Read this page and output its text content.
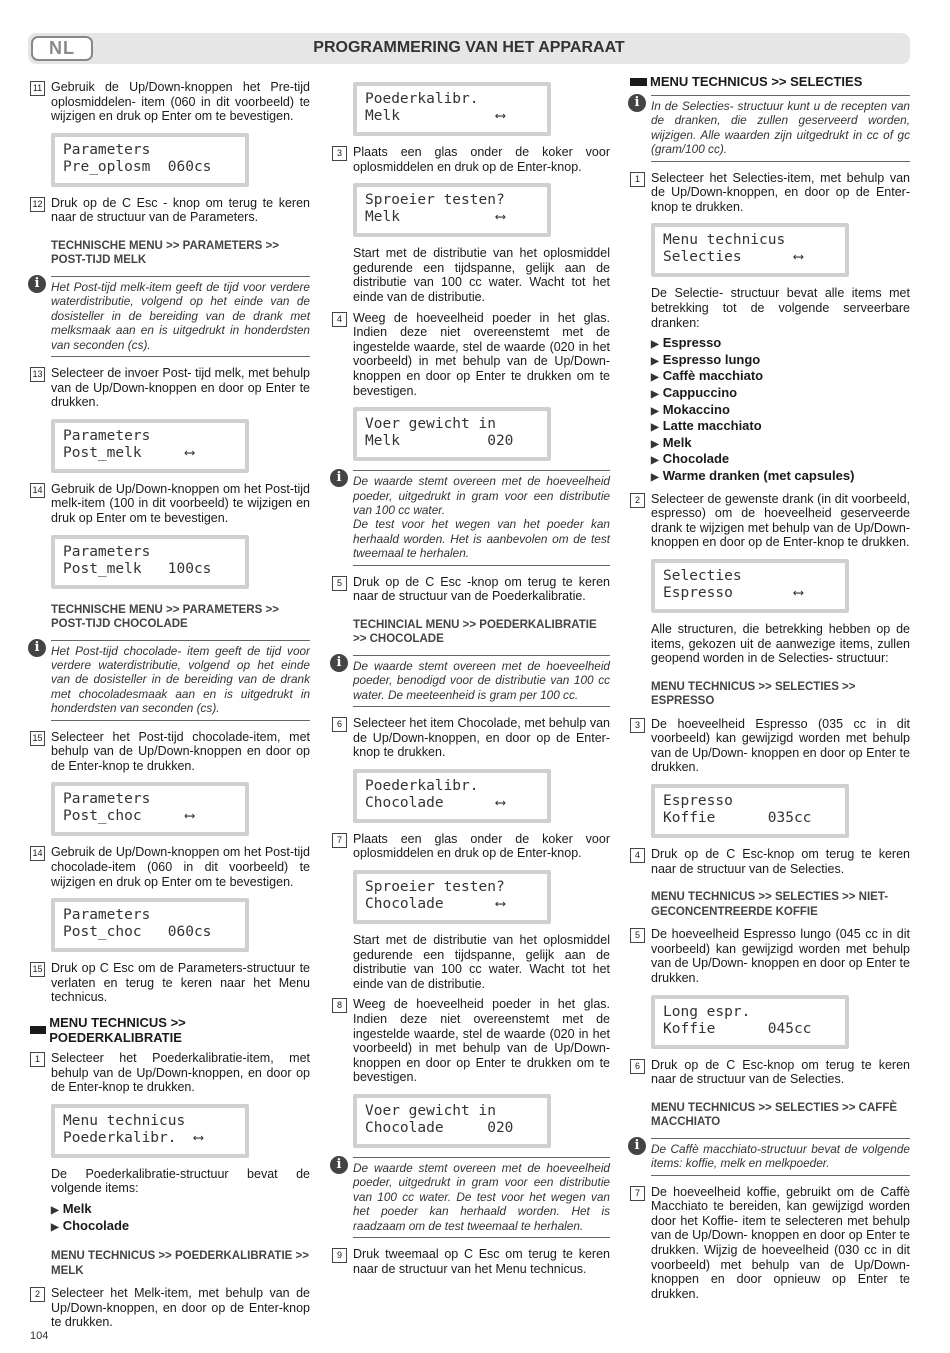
NL	PROGRAMMERING VAN HET APPARAAT
11 Gebruik de Up/Down-knoppen het Pre-tijd oplosmiddelen- item (060 in dit voorbeeld) te wijzigen en druk op Enter om te bevestigen.
Parameters
Pre_oplosm  060cs
12 Druk op de C Esc - knop om terug te keren naar de structuur van de Parameters.
TECHNISCHE MENU >> PARAMETERS >> POST-TIJD MELK
i Het Post-tijd melk-item geeft de tijd voor verdere waterdistributie, volgend op het einde van de dosisteller in de bereiding van de drank met melksmaak aan en is uitgedrukt in honderdsten van seconden (cs).
13 Selecteer de invoer Post- tijd melk, met behulp van de Up/Down-knoppen en door op Enter te drukken.
Parameters
Post_melk     ⟷
14 Gebruik de Up/Down-knoppen om het Post-tijd melk-item (100 in dit voorbeeld) te wijzigen en druk op Enter om te bevestigen.
Parameters
Post_melk   100cs
TECHNISCHE MENU >> PARAMETERS >> POST-TIJD CHOCOLADE
i Het Post-tijd chocolade- item geeft de tijd voor verdere waterdistributie, volgend op het einde van de dosisteller in de bereiding van de drank met chocoladesmaak aan en is uitgedrukt in honderdsten van seconden (cs).
15 Selecteer het Post-tijd chocolade-item, met behulp van de Up/Down-knoppen en door op de Enter-knop te drukken.
Parameters
Post_choc     ⟷
14 Gebruik de Up/Down-knoppen om het Post-tijd chocolade-item (060 in dit voorbeeld) te wijzigen en druk op Enter om te bevestigen.
Parameters
Post_choc   060cs
15 Druk op C Esc om de Parameters-structuur te verlaten en terug te keren naar het Menu technicus.
MENU TECHNICUS >> POEDERKALIBRATIE
1 Selecteer het Poederkalibratie-item, met behulp van de Up/Down-knoppen, en door op de Enter-knop te drukken.
Menu technicus
Poederkalibr.  ⟷
De Poederkalibratie-structuur bevat de volgende items:
▶ Melk
▶ Chocolade
MENU TECHNICUS >> POEDERKALIBRATIE >> MELK
2 Selecteer het Melk-item, met behulp van de Up/Down-knoppen, en door op de Enter-knop te drukken.
Poederkalibr.
Melk           ⟷
3 Plaats een glas onder de koker voor oplosmiddelen en druk op de Enter-knop.
Sproeier testen?
Melk           ⟷
Start met de distributie van het oplosmiddel gedurende een tijdspanne, gelijk aan de distributie van 100 cc water. Wacht tot het einde van de distributie.
4 Weeg de hoeveelheid poeder in het glas. Indien deze niet overeenstemt met de ingestelde waarde, stel de waarde (020 in het voorbeeld) in met behulp van de Up/Down- knoppen en door op Enter te drukken om te bevestigen.
Voer gewicht in
Melk          020
i De waarde stemt overeen met de hoeveelheid poeder, uitgedrukt in gram voor een distributie van 100 cc water.
De test voor het wegen van het poeder kan herhaald worden. Het is aanbevolen om de test tweemaal te herhalen.
5 Druk op de C Esc -knop om terug te keren naar de structuur van de Poederkalibratie.
TECHINCIAL MENU >> POEDERKALIBRATIE >> CHOCOLADE
i De waarde stemt overeen met de hoeveelheid poeder, benodigd voor de distributie van 100 cc water. De meeteenheid is gram per 100 cc.
6 Selecteer het item Chocolade, met behulp van de Up/Down-knoppen, en door op de Enter-knop te drukken.
Poederkalibr.
Chocolade      ⟷
7 Plaats een glas onder de koker voor oplosmiddelen en druk op de Enter-knop.
Sproeier testen?
Chocolade      ⟷
Start met de distributie van het oplosmiddel gedurende een tijdspanne, gelijk aan de distributie van 100 cc water. Wacht tot het einde van de distributie.
8 Weeg de hoeveelheid poeder in het glas. Indien deze niet overeenstemt met de ingestelde waarde, stel de waarde (020 in het voorbeeld) in met behulp van de Up/Down- knoppen en door op Enter te drukken om te bevestigen.
Voer gewicht in
Chocolade     020
i De waarde stemt overeen met de hoeveelheid poeder, uitgedrukt in gram voor een distributie van 100 cc water. De test voor het wegen van het poeder kan herhaald worden. Het is raadzaam om de test tweemaal te herhalen.
9 Druk tweemaal op C Esc om terug te keren naar de structuur van het Menu technicus.
MENU TECHNICUS >> SELECTIES
i In de Selecties- structuur kunt u de recepten van de dranken, die zullen geserveerd worden, wijzigen. Alle waarden zijn uitgedrukt in cc of gc (gram/100 cc).
1 Selecteer het Selecties-item, met behulp van de Up/Down-knoppen, en door op de Enter-knop te drukken.
Menu technicus
Selecties      ⟷
De Selectie- structuur bevat alle items met betrekking tot de volgende serveerbare dranken:
▶ Espresso
▶ Espresso lungo
▶ Caffè macchiato
▶ Cappuccino
▶ Mokaccino
▶ Latte macchiato
▶ Melk
▶ Chocolade
▶ Warme dranken (met capsules)
2 Selecteer de gewenste drank (in dit voorbeeld, espresso) om de hoeveelheid geserveerde drank te wijzigen met behulp van de Up/Down-knoppen en door op de Enter-knop te drukken.
Selecties
Espresso       ⟷
Alle structuren, die betrekking hebben op de items, gekozen uit de aanwezige items, zullen geopend worden in de Selecties- structuur:
MENU TECHNICUS >> SELECTIES >> ESPRESSO
3 De hoeveelheid Espresso (035 cc in dit voorbeeld) kan gewijzigd worden met behulp van de Up/Down- knoppen en door op Enter te drukken.
Espresso
Koffie      035cc
4 Druk op de C Esc-knop om terug te keren naar de structuur van de Selecties.
MENU TECHNICUS >> SELECTIES >> NIET-GECONCENTREERDE KOFFIE
5 De hoeveelheid Espresso lungo (045 cc in dit voorbeeld) kan gewijzigd worden met behulp van de Up/Down- knoppen en door op Enter te drukken.
Long espr.
Koffie      045cc
6 Druk op de C Esc-knop om terug te keren naar de structuur van de Selecties.
MENU TECHNICUS >> SELECTIES >> CAFFÈ MACCHIATO
i De Caffè macchiato-structuur bevat de volgende items: koffie, melk en melkpoeder.
7 De hoeveelheid koffie, gebruikt om de Caffè Macchiato te bereiden, kan gewijzigd worden door het Koffie- item te selecteren met behulp van de Up/Down- knoppen en door op Enter te drukken. Wijzig de hoeveelheid (030 cc in dit voorbeeld) met behulp van de Up/Down-knoppen en door opnieuw op Enter te drukken.
104
